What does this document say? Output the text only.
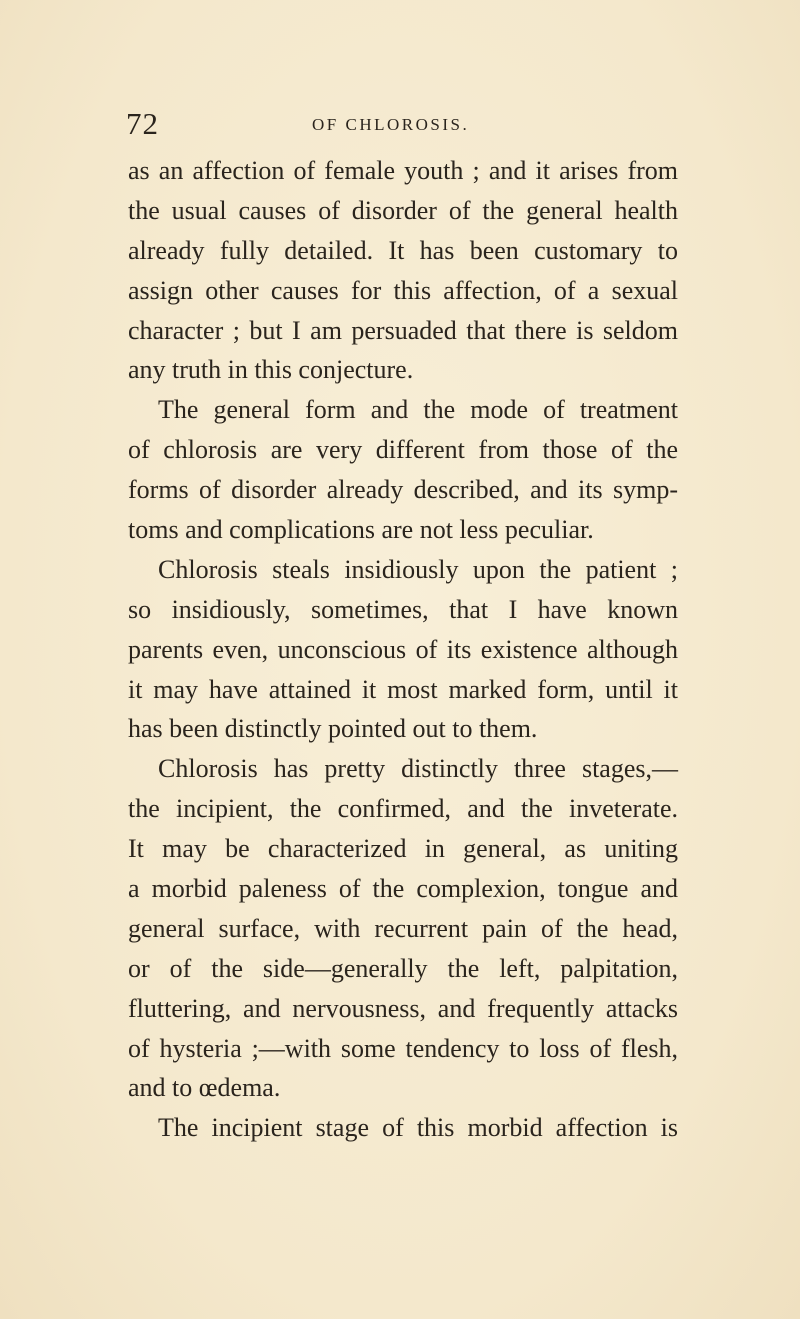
72	OF CHLOROSIS.
as an affection of female youth ; and it arises from
the usual causes of disorder of the general health
already fully detailed. It has been customary to
assign other causes for this affection, of a sexual
character ; but I am persuaded that there is seldom
any truth in this conjecture.
The general form and the mode of treatment
of chlorosis are very different from those of the
forms of disorder already described, and its symp-
toms and complications are not less peculiar.
Chlorosis steals insidiously upon the patient ;
so insidiously, sometimes, that I have known
parents even, unconscious of its existence although
it may have attained it most marked form, until it
has been distinctly pointed out to them.
Chlorosis has pretty distinctly three stages,—
the incipient, the confirmed, and the inveterate.
It may be characterized in general, as uniting
a morbid paleness of the complexion, tongue and
general surface, with recurrent pain of the head,
or of the side—generally the left, palpitation,
fluttering, and nervousness, and frequently attacks
of hysteria ;—with some tendency to loss of flesh,
and to œdema.
The incipient stage of this morbid affection is
